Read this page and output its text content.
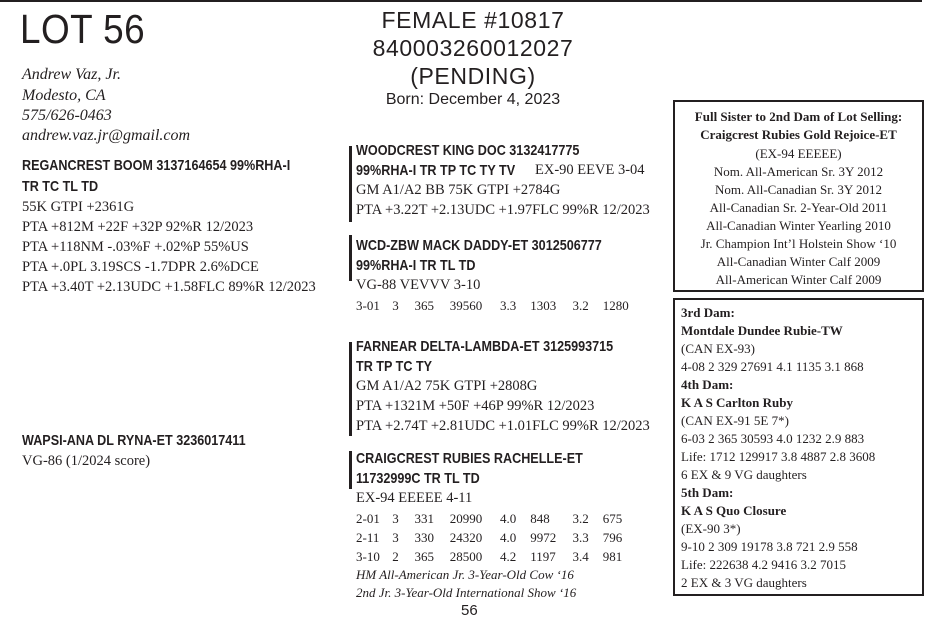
LOT 56	FEMALE #10817
840003260012027
(PENDING)
Born: December 4, 2023
Andrew Vaz, Jr.
Modesto, CA
575/626-0463
andrew.vaz.jr@gmail.com
REGANCREST BOOM 3137164654 99%RHA-I
TR TC TL TD
55K GTPI +2361G
PTA +812M +22F +32P 92%R 12/2023
PTA +118NM -.03%F +.02%P 55%US
PTA +.0PL 3.19SCS -1.7DPR 2.6%DCE
PTA +3.40T +2.13UDC +1.58FLC 89%R 12/2023
WAPSI-ANA DL RYNA-ET 3236017411
VG-86 (1/2024 score)
WOODCREST KING DOC 3132417775
99%RHA-I TR TP TC TY TV	EX-90 EEVE 3-04
GM A1/A2 BB 75K GTPI +2784G
PTA +3.22T +2.13UDC +1.97FLC 99%R 12/2023
WCD-ZBW MACK DADDY-ET 3012506777
99%RHA-I TR TL TD
VG-88 VEVVV 3-10
3-01 3 365 39560 3.3 1303 3.2 1280
FARNEAR DELTA-LAMBDA-ET 3125993715
TR TP TC TY
GM A1/A2 75K GTPI +2808G
PTA +1321M +50F +46P 99%R 12/2023
PTA +2.74T +2.81UDC +1.01FLC 99%R 12/2023
CRAIGCREST RUBIES RACHELLE-ET
11732999C TR TL TD
EX-94 EEEEE 4-11
2-01 3 331 20990 4.0 848 3.2 675
2-11 3 330 24320 4.0 9972 3.3 796
3-10 2 365 28500 4.2 1197 3.4 981
HM All-American Jr. 3-Year-Old Cow ‘16
2nd Jr. 3-Year-Old International Show ‘16
56
Full Sister to 2nd Dam of Lot Selling:
Craigcrest Rubies Gold Rejoice-ET
(EX-94 EEEEE)
Nom. All-American Sr. 3Y 2012
Nom. All-Canadian Sr. 3Y 2012
All-Canadian Sr. 2-Year-Old 2011
All-Canadian Winter Yearling 2010
Jr. Champion Int’l Holstein Show ‘10
All-Canadian Winter Calf 2009
All-American Winter Calf 2009
3rd Dam:
Montdale Dundee Rubie-TW
(CAN EX-93)
4-08 2 329 27691 4.1 1135 3.1 868
4th Dam:
K A S Carlton Ruby
(CAN EX-91 5E 7*)
6-03 2 365 30593 4.0 1232 2.9 883
Life: 1712 129917 3.8 4887 2.8 3608
6 EX & 9 VG daughters
5th Dam:
K A S Quo Closure
(EX-90 3*)
9-10 2 309 19178 3.8 721 2.9 558
Life: 222638 4.2 9416 3.2 7015
2 EX & 3 VG daughters
